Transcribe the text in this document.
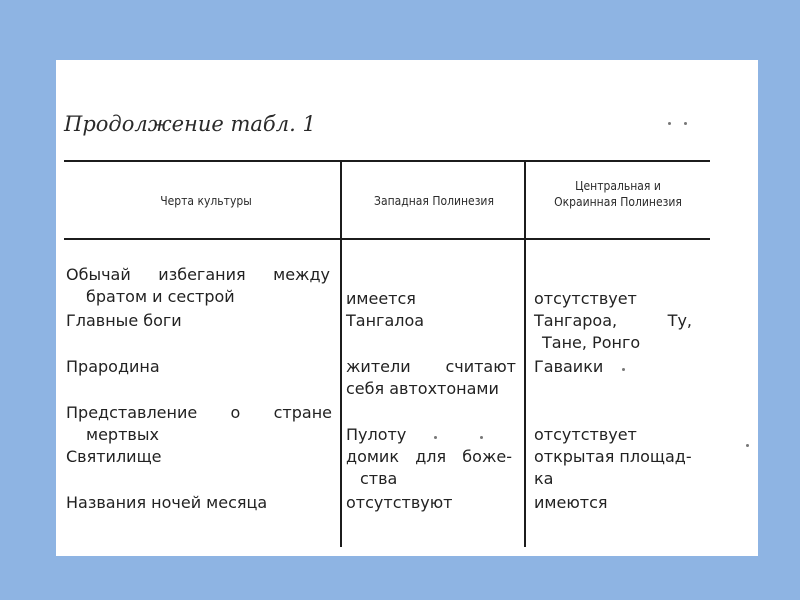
Продолжение табл. 1
Черта культуры	Западная Полинезия
Центральная и
Окраинная Полинезия
Обычай избегания между
братом и сестрой
Главные боги
Прародина
Представление о стране
мертвых
Святилище
Названия ночей месяца
имеется
Тангалоа
жители считают
себя автохтонами
Пулоту
домик для боже-
ства
отсутствуют
отсутствует
Тангароа, Ту,
Тане, Ронго
Гаваики
отсутствует
открытая площад-
ка
имеются
